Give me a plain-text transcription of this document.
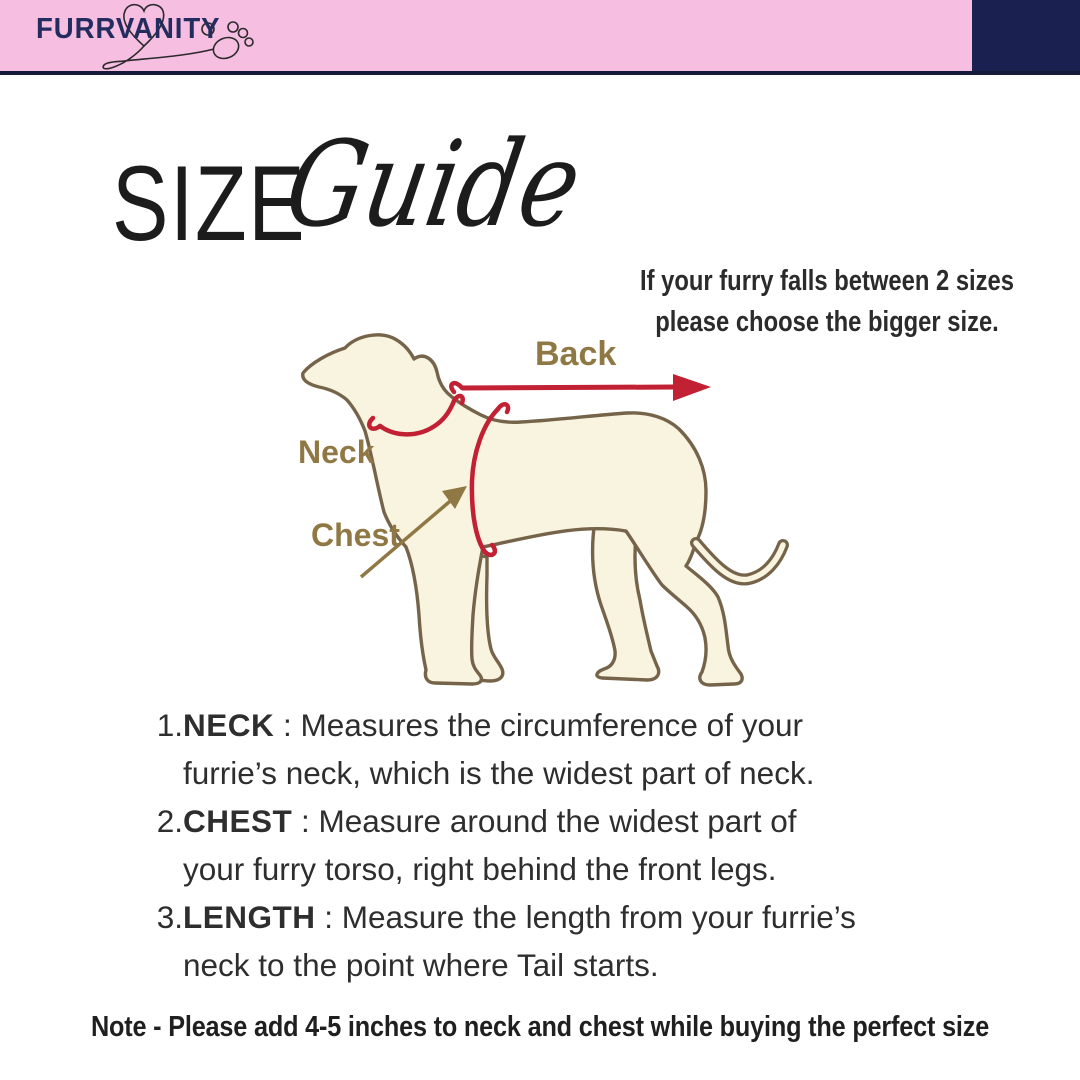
FURRVANITY
SIZE
Guide
If your furry falls between 2 sizes
please choose the bigger size.
Back
Neck
Chest
1. NECK : Measures the circumference of your
furrie’s neck, which is the widest part of neck.
2. CHEST : Measure around the widest part of
your furry torso, right behind the front legs.
3. LENGTH : Measure the length from your furrie’s
neck to the point where Tail starts.
Note - Please add 4-5 inches to neck and chest while buying the perfect size
